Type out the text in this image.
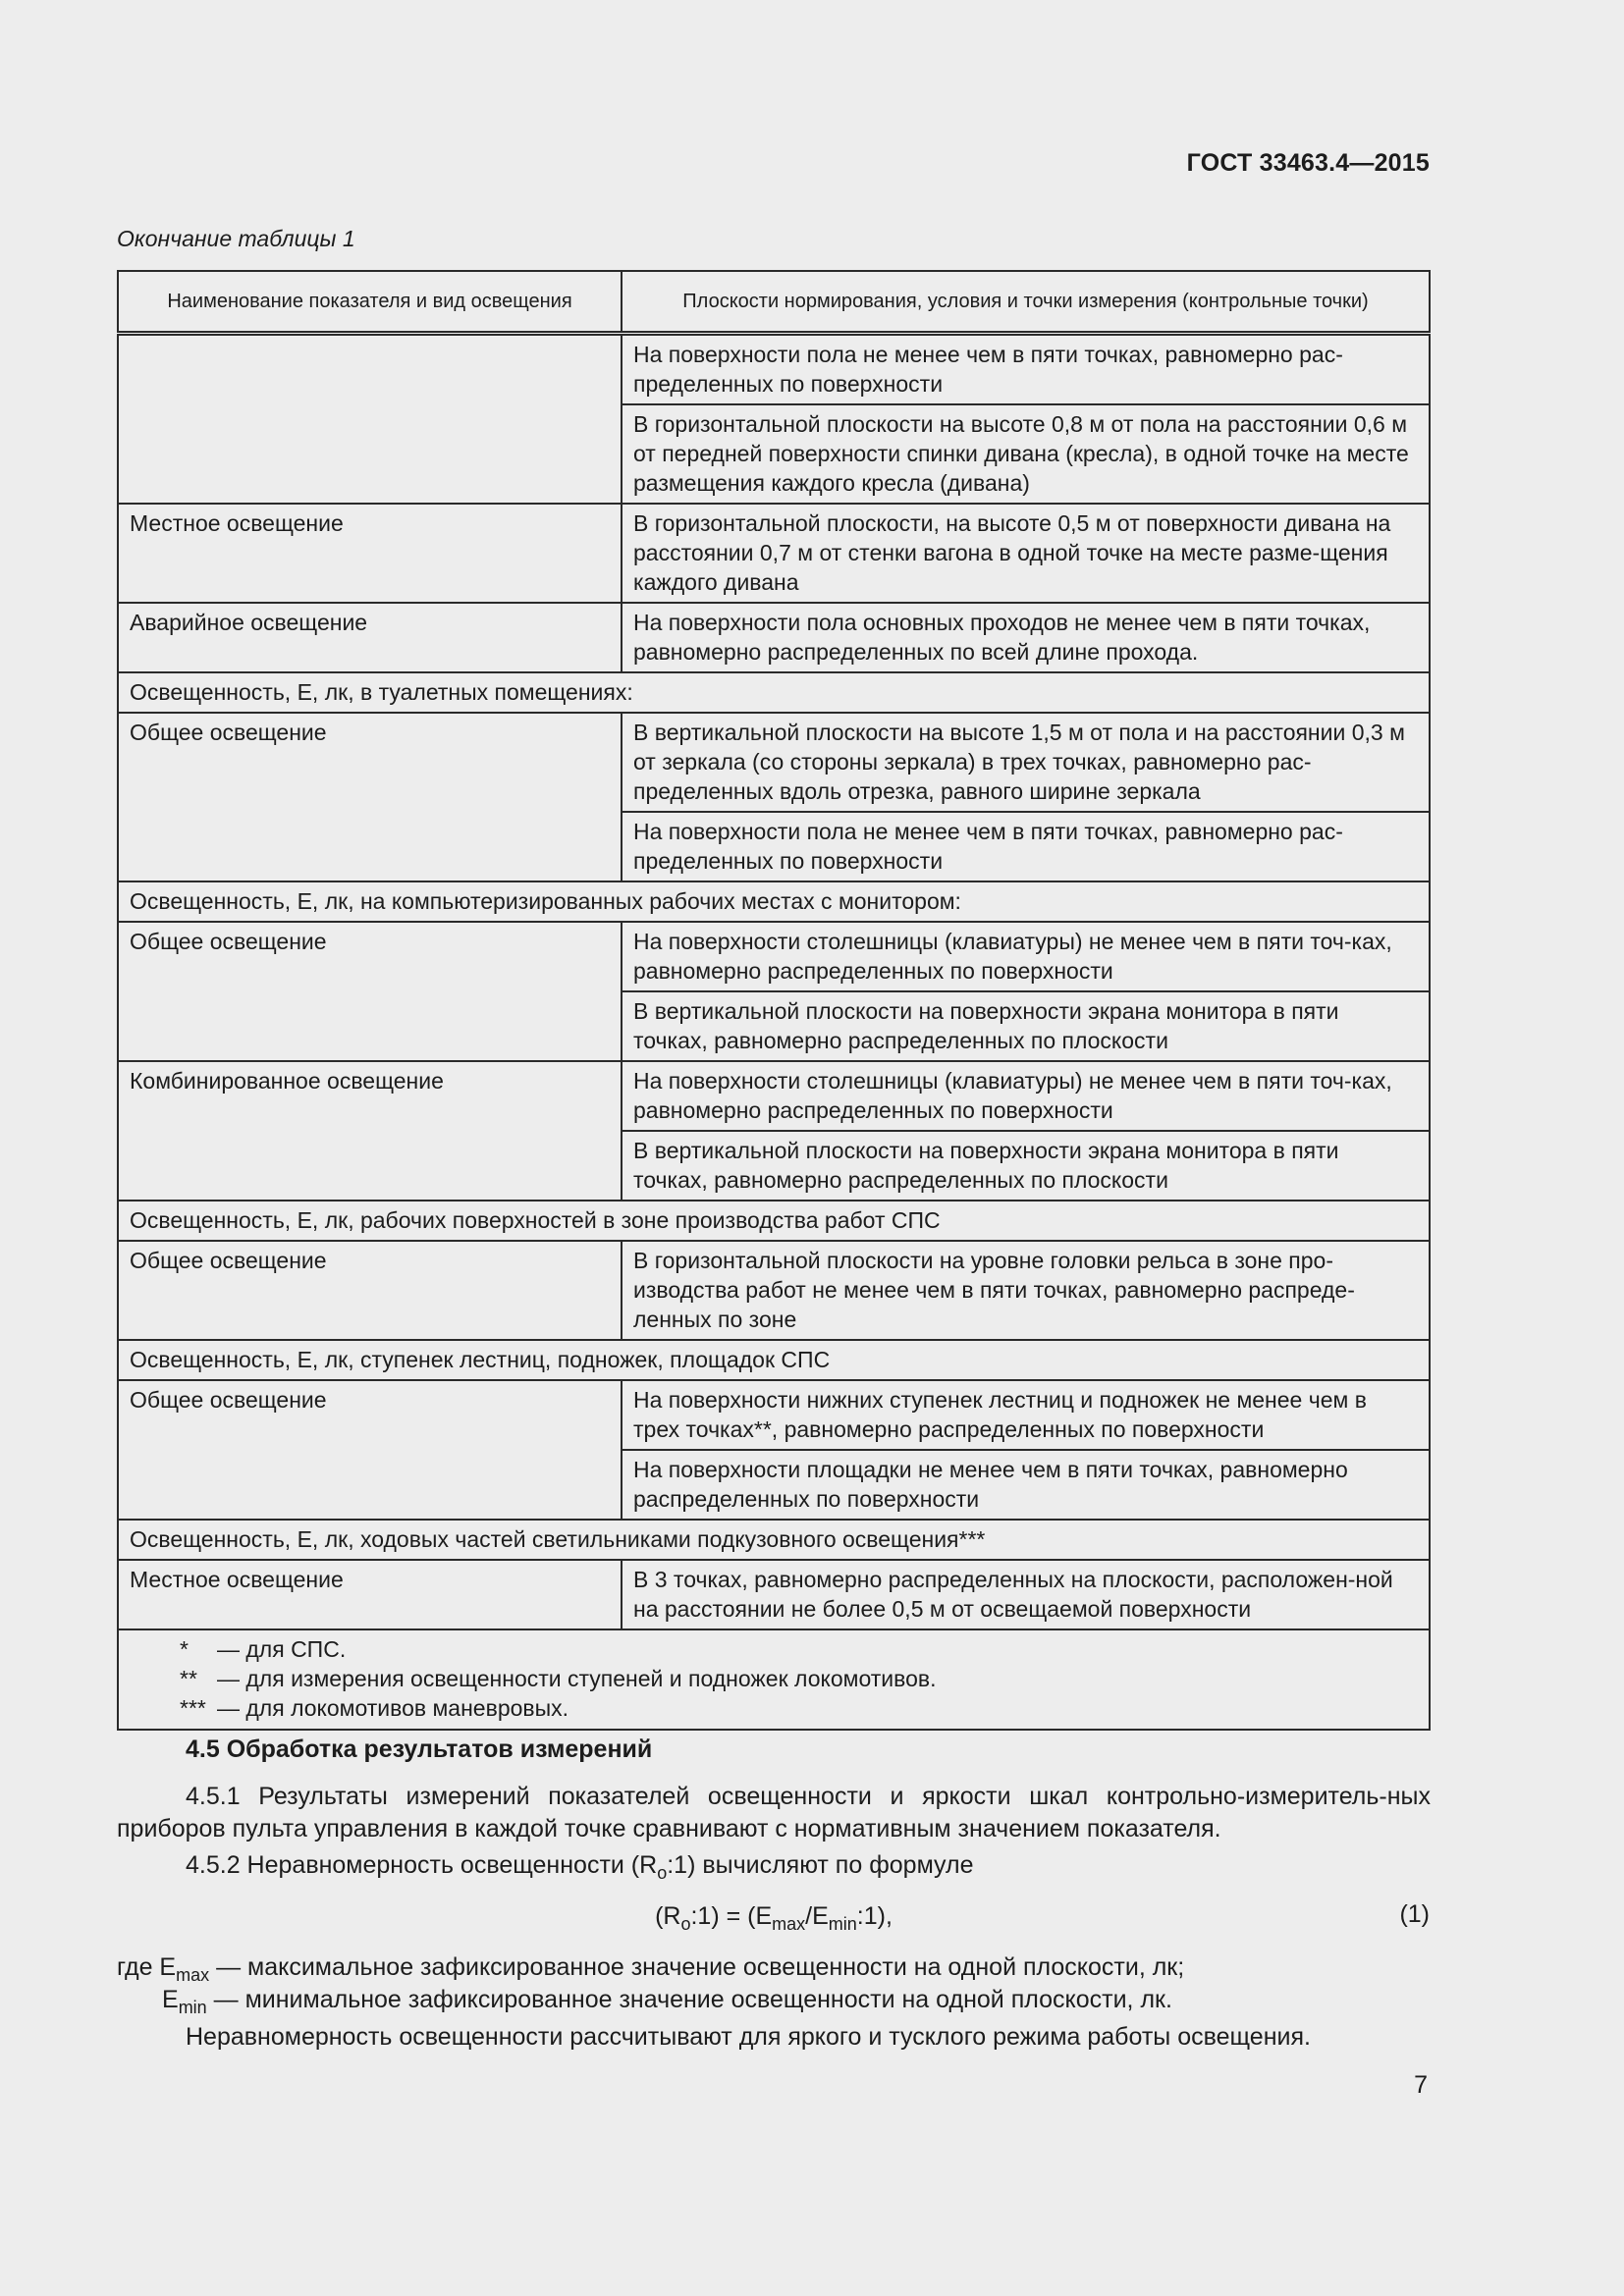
ГОСТ 33463.4—2015
Окончание таблицы 1
Наименование показателя и вид освещения	Плоскости нормирования, условия и точки измерения (контрольные точки)
	На поверхности пола не менее чем в пяти точках, равномерно рас-пределенных по поверхности
	В горизонтальной плоскости на высоте 0,8 м от пола на расстоянии 0,6 м от передней поверхности спинки дивана (кресла), в одной точке на месте размещения каждого кресла (дивана)
Местное освещение	В горизонтальной плоскости, на высоте 0,5 м от поверхности дивана на расстоянии 0,7 м от стенки вагона в одной точке на месте разме-щения каждого дивана
Аварийное освещение	На поверхности пола основных проходов не менее чем в пяти точках, равномерно распределенных по всей длине прохода.
Освещенность, Е, лк, в туалетных помещениях:	
Общее освещение	В вертикальной плоскости на высоте 1,5 м от пола и на расстоянии 0,3 м от зеркала (со стороны зеркала) в трех точках, равномерно рас-пределенных вдоль отрезка, равного ширине зеркала
	На поверхности пола не менее чем в пяти точках, равномерно рас-пределенных по поверхности
Освещенность, Е, лк, на компьютеризированных рабочих местах с монитором:	
Общее освещение	На поверхности столешницы (клавиатуры) не менее чем в пяти точ-ках, равномерно распределенных по поверхности
	В вертикальной плоскости на поверхности экрана монитора в пяти точках, равномерно распределенных по плоскости
Комбинированное освещение	На поверхности столешницы (клавиатуры) не менее чем в пяти точ-ках, равномерно распределенных по поверхности
	В вертикальной плоскости на поверхности экрана монитора в пяти точках, равномерно распределенных по плоскости
Освещенность, Е, лк, рабочих поверхностей в зоне производства работ СПС	
Общее освещение	В горизонтальной плоскости на уровне головки рельса в зоне про-изводства работ не менее чем в пяти точках, равномерно распреде-ленных по зоне
Освещенность, Е, лк, ступенек лестниц, подножек, площадок СПС	
Общее освещение	На поверхности нижних ступенек лестниц и подножек не менее чем в трех точках**, равномерно распределенных по поверхности
	На поверхности площадки не менее чем в пяти точках, равномерно распределенных по поверхности
Освещенность, Е, лк, ходовых частей светильниками подкузовного освещения***	
Местное освещение	В 3 точках, равномерно распределенных на плоскости, расположен-ной на расстоянии не более 0,5 м от освещаемой поверхности

* — для СПС.
** — для измерения освещенности ступеней и подножек локомотивов.
*** — для локомотивов маневровых.	
4.5 Обработка результатов измерений
4.5.1 Результаты измерений показателей освещенности и яркости шкал контрольно-измеритель-ных приборов пульта управления в каждой точке сравнивают с нормативным значением показателя.
4.5.2 Неравномерность освещенности $(R_o:1)$ вычисляют по формуле
$(R_o:1)$ = $(E_{max}/E_{min}:1)$,	(1)
где $E_{max}$ — максимальное зафиксированное значение освещенности на одной плоскости, лк;
$E_{min}$ — минимальное зафиксированное значение освещенности на одной плоскости, лк.
Неравномерность освещенности рассчитывают для яркого и тусклого режима работы освещения.
7
